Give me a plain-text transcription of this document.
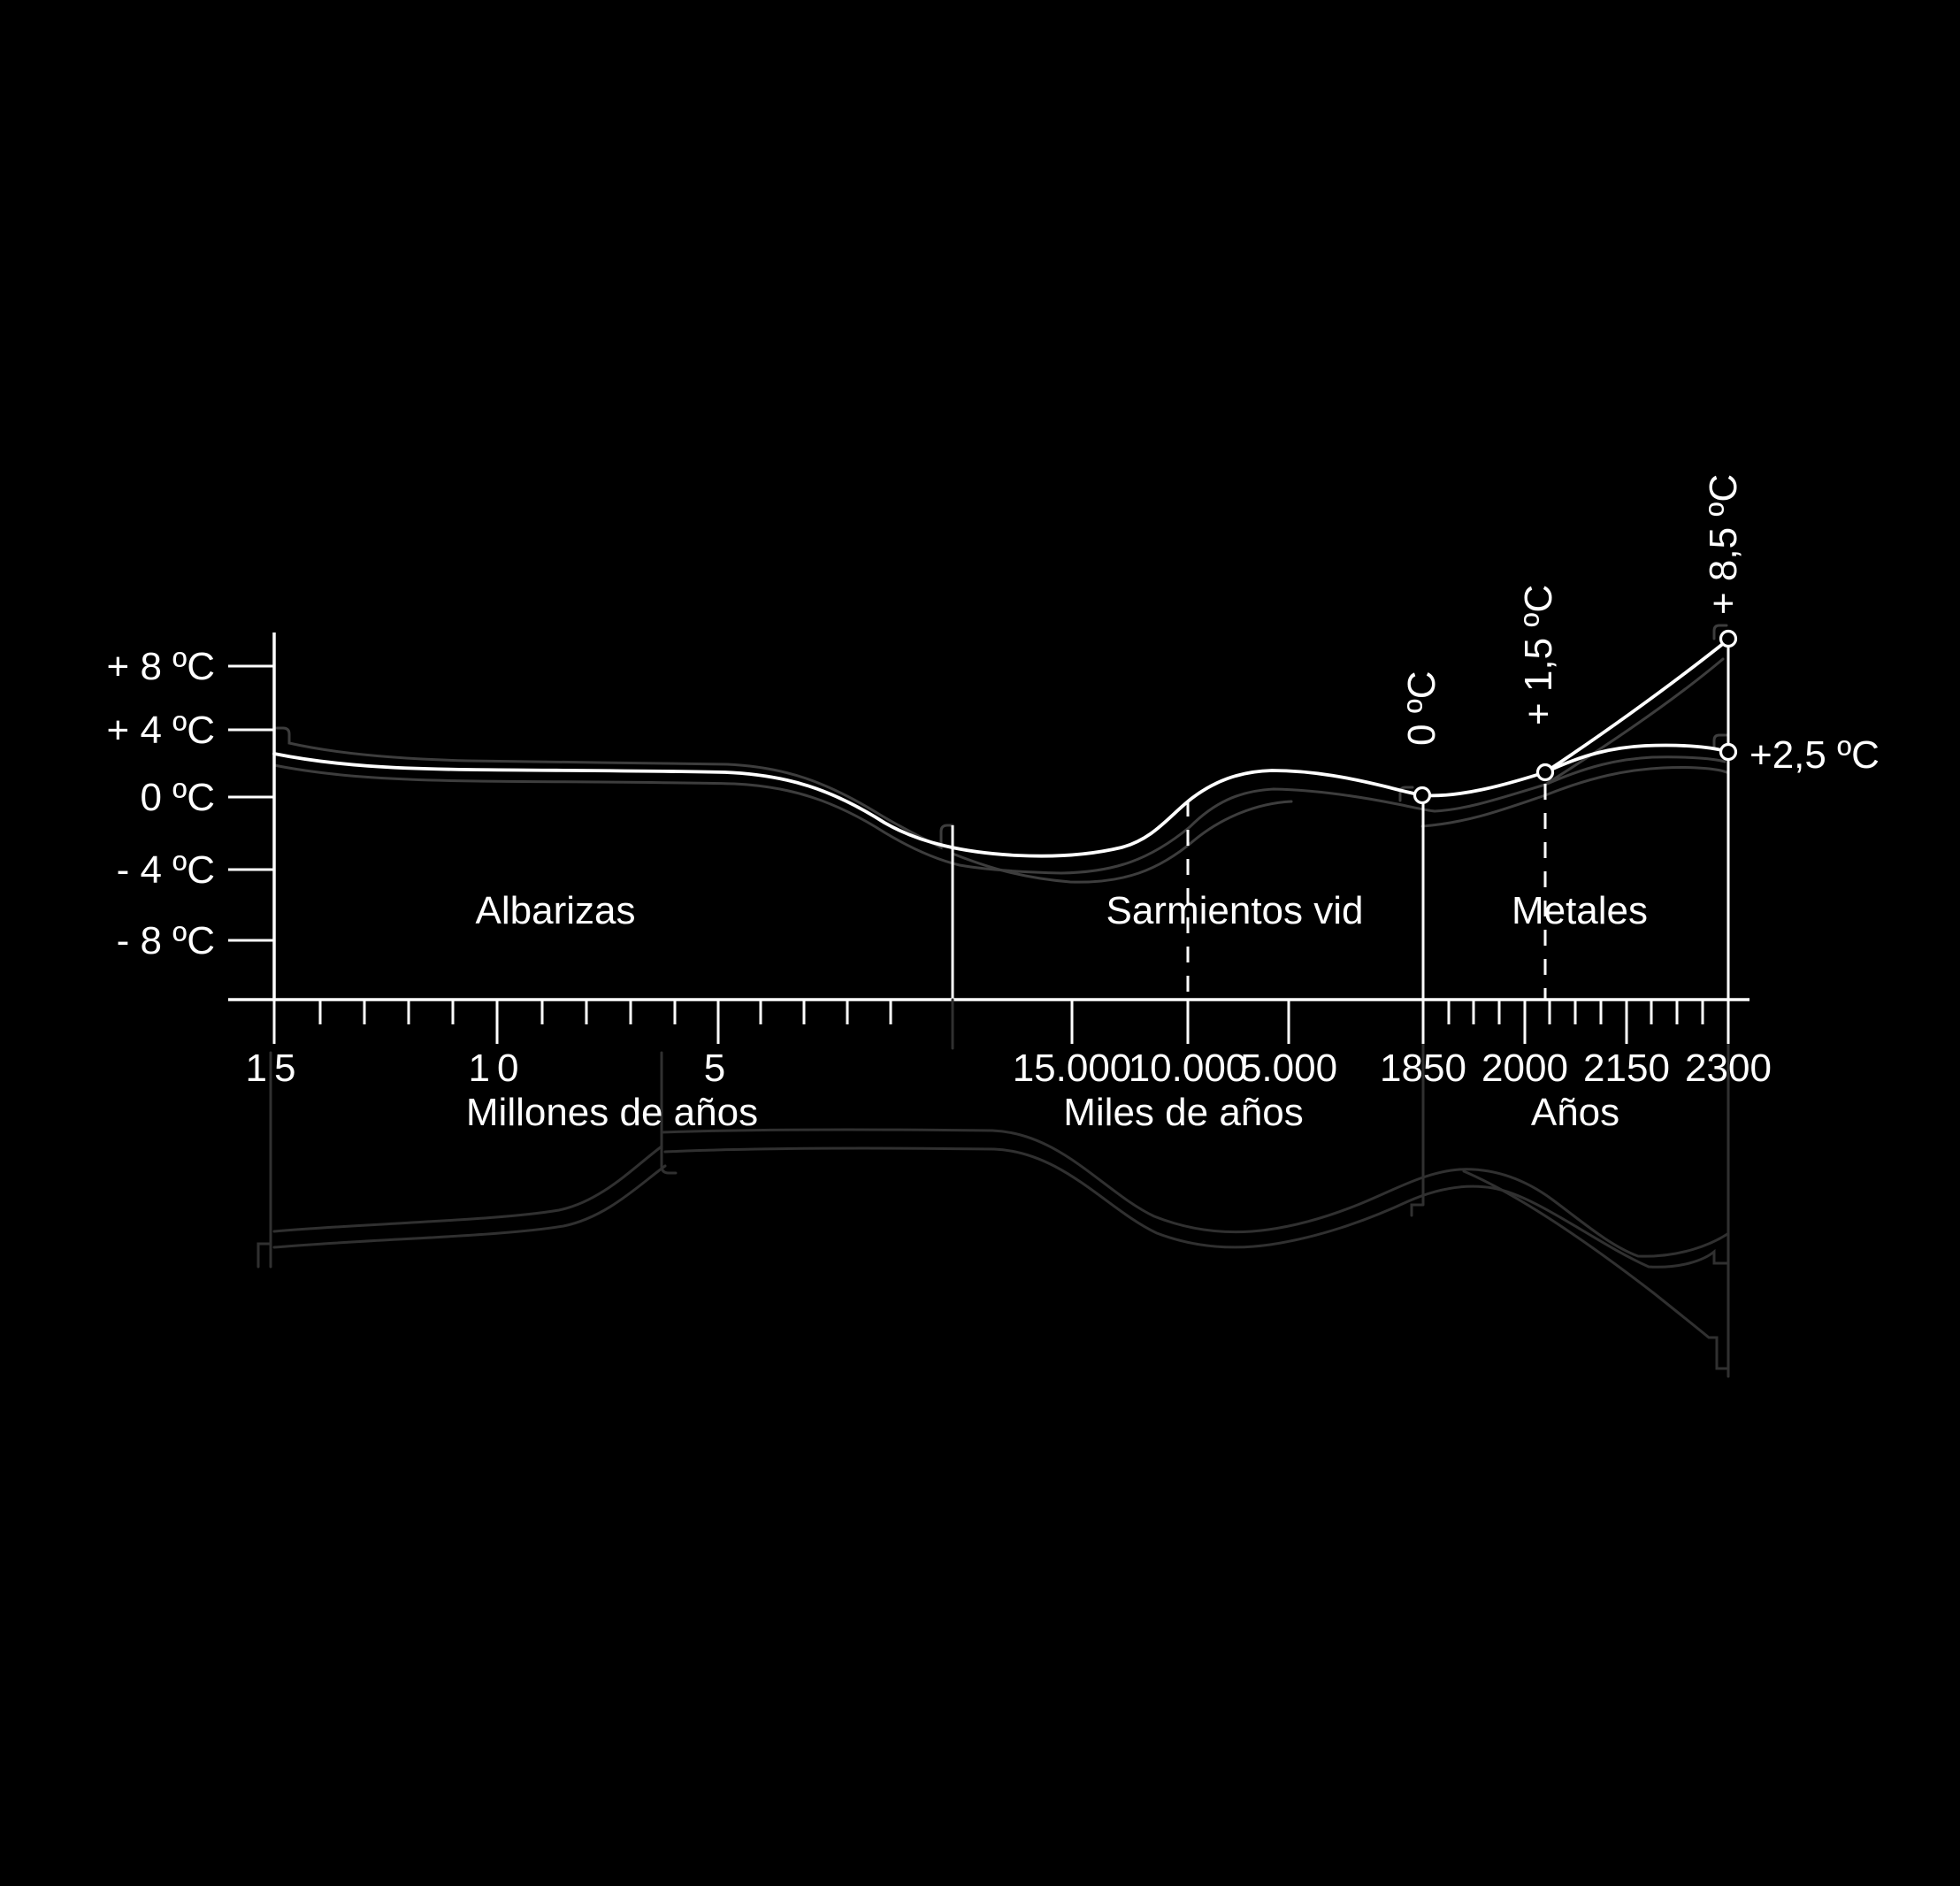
+ 8 ºC
+ 4 ºC
0 ºC
- 4 ºC
- 8 ºC
15	10	5	15.000
10.000
5.000 1850 2000 2150 2300
Millones de años	Miles de años	Años
Albarizas	Sarmientos vid	Metales
0 ºC + 1,5 ºC
+ 8,5 ºC
+2,5 ºC
